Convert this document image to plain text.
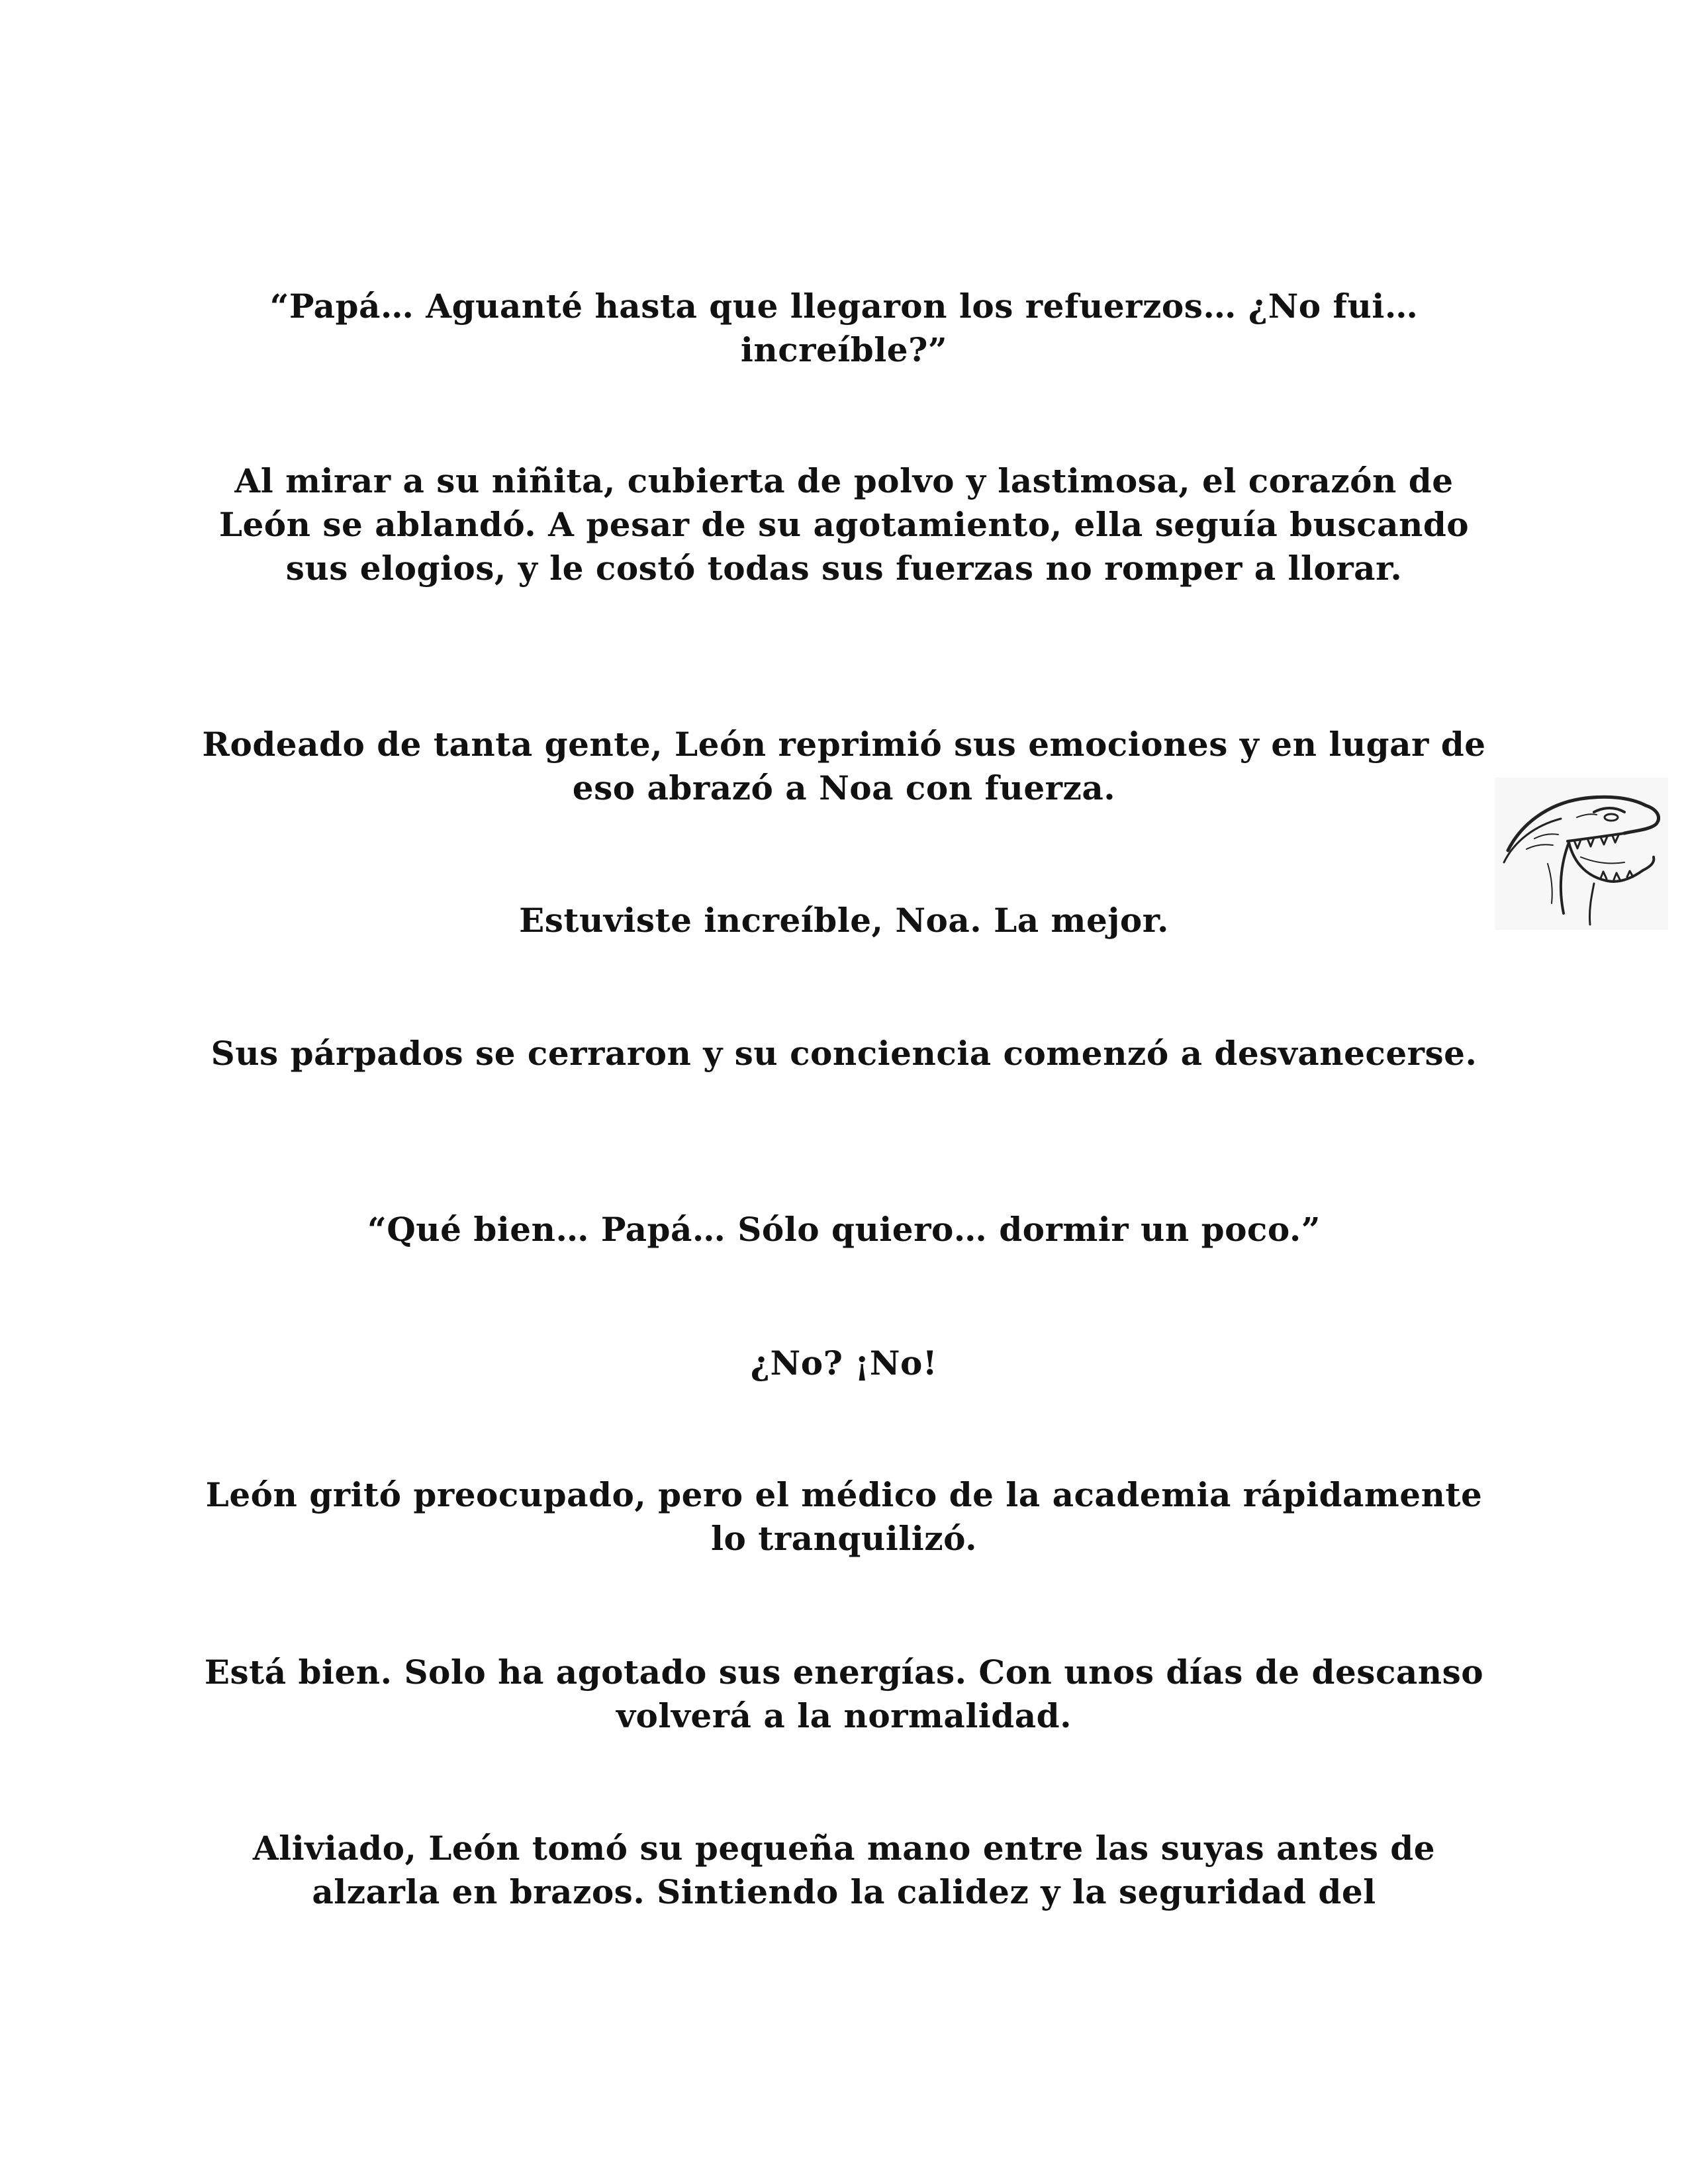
“Papá… Aguanté hasta que llegaron los refuerzos… ¿No fui… increíble?”

Al mirar a su niñita, cubierta de polvo y lastimosa, el corazón de León se ablandó. A pesar de su agotamiento, ella seguía buscando sus elogios, y le costó todas sus fuerzas no romper a llorar.

Rodeado de tanta gente, León reprimió sus emociones y en lugar de eso abrazó a Noa con fuerza.

Estuviste increíble, Noa. La mejor.

Sus párpados se cerraron y su conciencia comenzó a desvanecerse.

“Qué bien… Papá… Sólo quiero… dormir un poco.”

¿No? ¡No!

León gritó preocupado, pero el médico de la academia rápidamente lo tranquilizó.

Está bien. Solo ha agotado sus energías. Con unos días de descanso volverá a la normalidad.

Aliviado, León tomó su pequeña mano entre las suyas antes de alzarla en brazos. Sintiendo la calidez y la seguridad del
